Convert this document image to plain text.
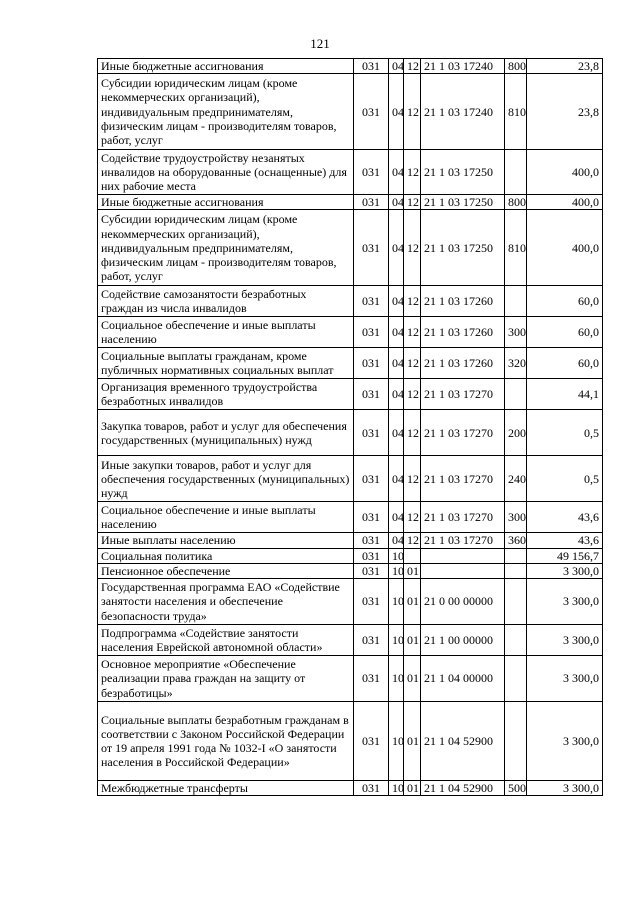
121
Иные бюджетные ассигнования	031	04	12	21 1 03 17240	800	23,8
Субсидии юридическим лицам (кроме некоммерческих организаций), индивидуальным предпринимателям, физическим лицам - производителям товаров, работ, услуг	031	04	12	21 1 03 17240	810	23,8
Содействие трудоустройству незанятых инвалидов на оборудованные (оснащенные) для них рабочие места	031	04	12	21 1 03 17250		400,0
Иные бюджетные ассигнования	031	04	12	21 1 03 17250	800	400,0
Субсидии юридическим лицам (кроме некоммерческих организаций), индивидуальным предпринимателям, физическим лицам - производителям товаров, работ, услуг	031	04	12	21 1 03 17250	810	400,0
Содействие самозанятости безработных граждан из числа инвалидов	031	04	12	21 1 03 17260		60,0
Социальное обеспечение и иные выплаты населению	031	04	12	21 1 03 17260	300	60,0
Социальные выплаты гражданам, кроме публичных нормативных социальных выплат	031	04	12	21 1 03 17260	320	60,0
Организация временного трудоустройства безработных инвалидов	031	04	12	21 1 03 17270		44,1
Закупка товаров, работ и услуг для обеспечения государственных (муниципальных) нужд	031	04	12	21 1 03 17270	200	0,5
Иные закупки товаров, работ и услуг для обеспечения государственных (муниципальных) нужд	031	04	12	21 1 03 17270	240	0,5
Социальное обеспечение и иные выплаты населению	031	04	12	21 1 03 17270	300	43,6
Иные выплаты населению	031	04	12	21 1 03 17270	360	43,6
Социальная политика	031	10				49 156,7
Пенсионное обеспечение	031	10	01			3 300,0
Государственная программа ЕАО «Содействие занятости населения и обеспечение безопасности труда»	031	10	01	21 0 00 00000		3 300,0
Подпрограмма «Содействие занятости населения Еврейской автономной области»	031	10	01	21 1 00 00000		3 300,0
Основное мероприятие «Обеспечение реализации права граждан на защиту от безработицы»	031	10	01	21 1 04 00000		3 300,0
Социальные выплаты безработным гражданам в соответствии с Законом Российской Федерации от 19 апреля 1991 года № 1032-I «О занятости населения в Российской Федерации»	031	10	01	21 1 04 52900		3 300,0
Межбюджетные трансферты	031	10	01	21 1 04 52900	500	3 300,0
